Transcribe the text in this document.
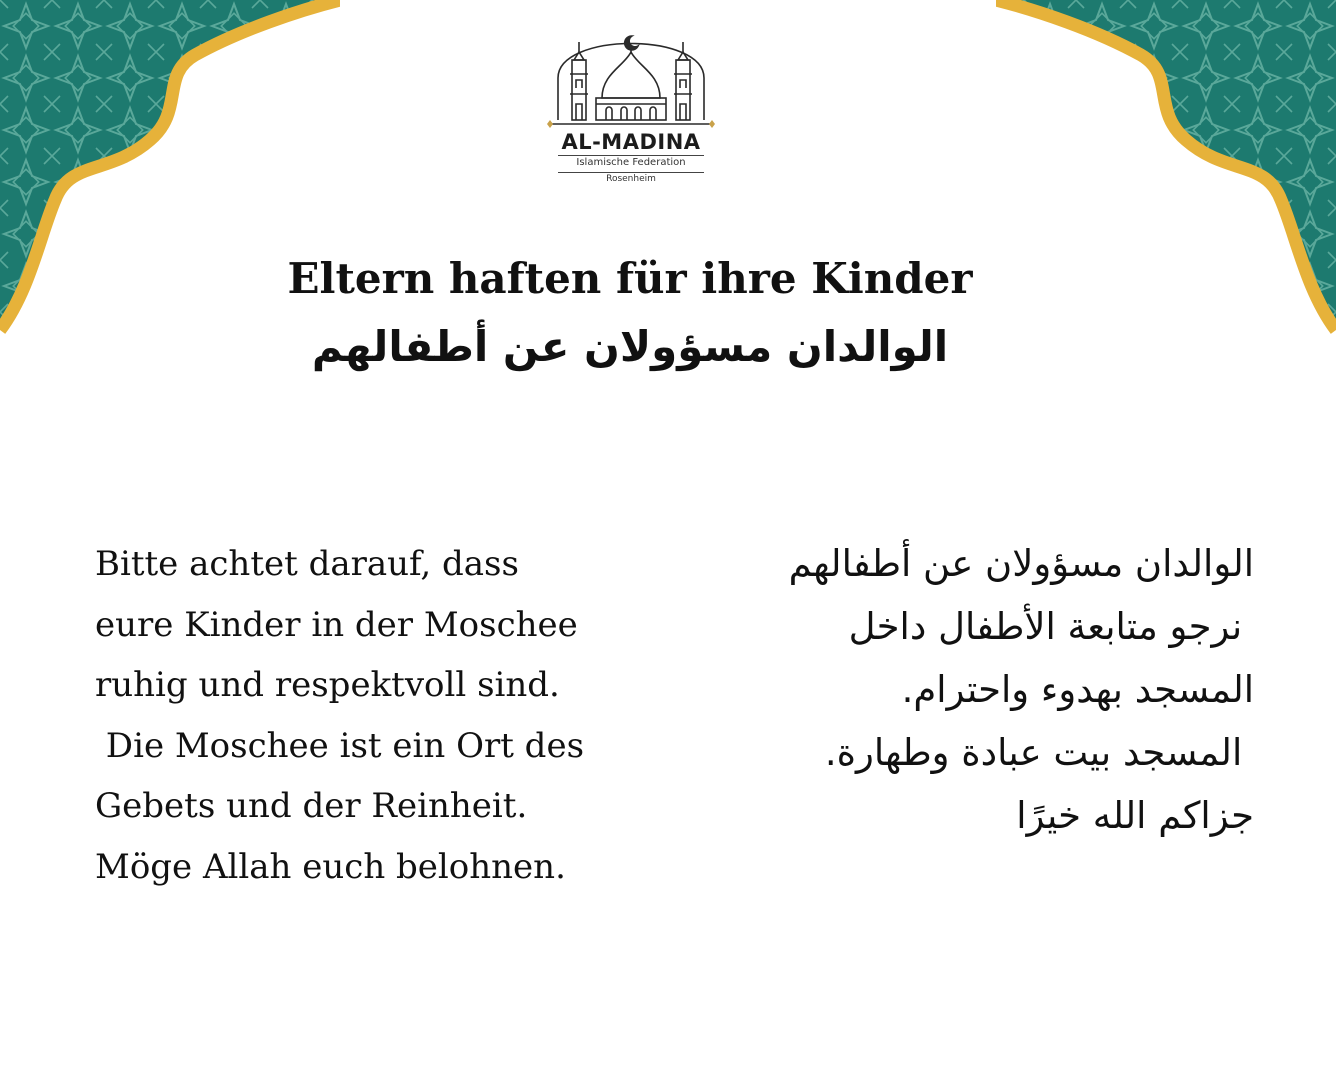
AL-MADINA
Islamische Federation
Rosenheim
Eltern haften für ihre Kinder
الوالدان مسؤولان عن أطفالهم
Bitte achtet darauf, dass
eure Kinder in der Moschee
ruhig und respektvoll sind.
Die Moschee ist ein Ort des
Gebets und der Reinheit.
Möge Allah euch belohnen.
الوالدان مسؤولان عن أطفالهم
نرجو متابعة الأطفال داخل
المسجد بهدوء واحترام.
المسجد بيت عبادة وطهارة.
جزاكم الله خيرًا
